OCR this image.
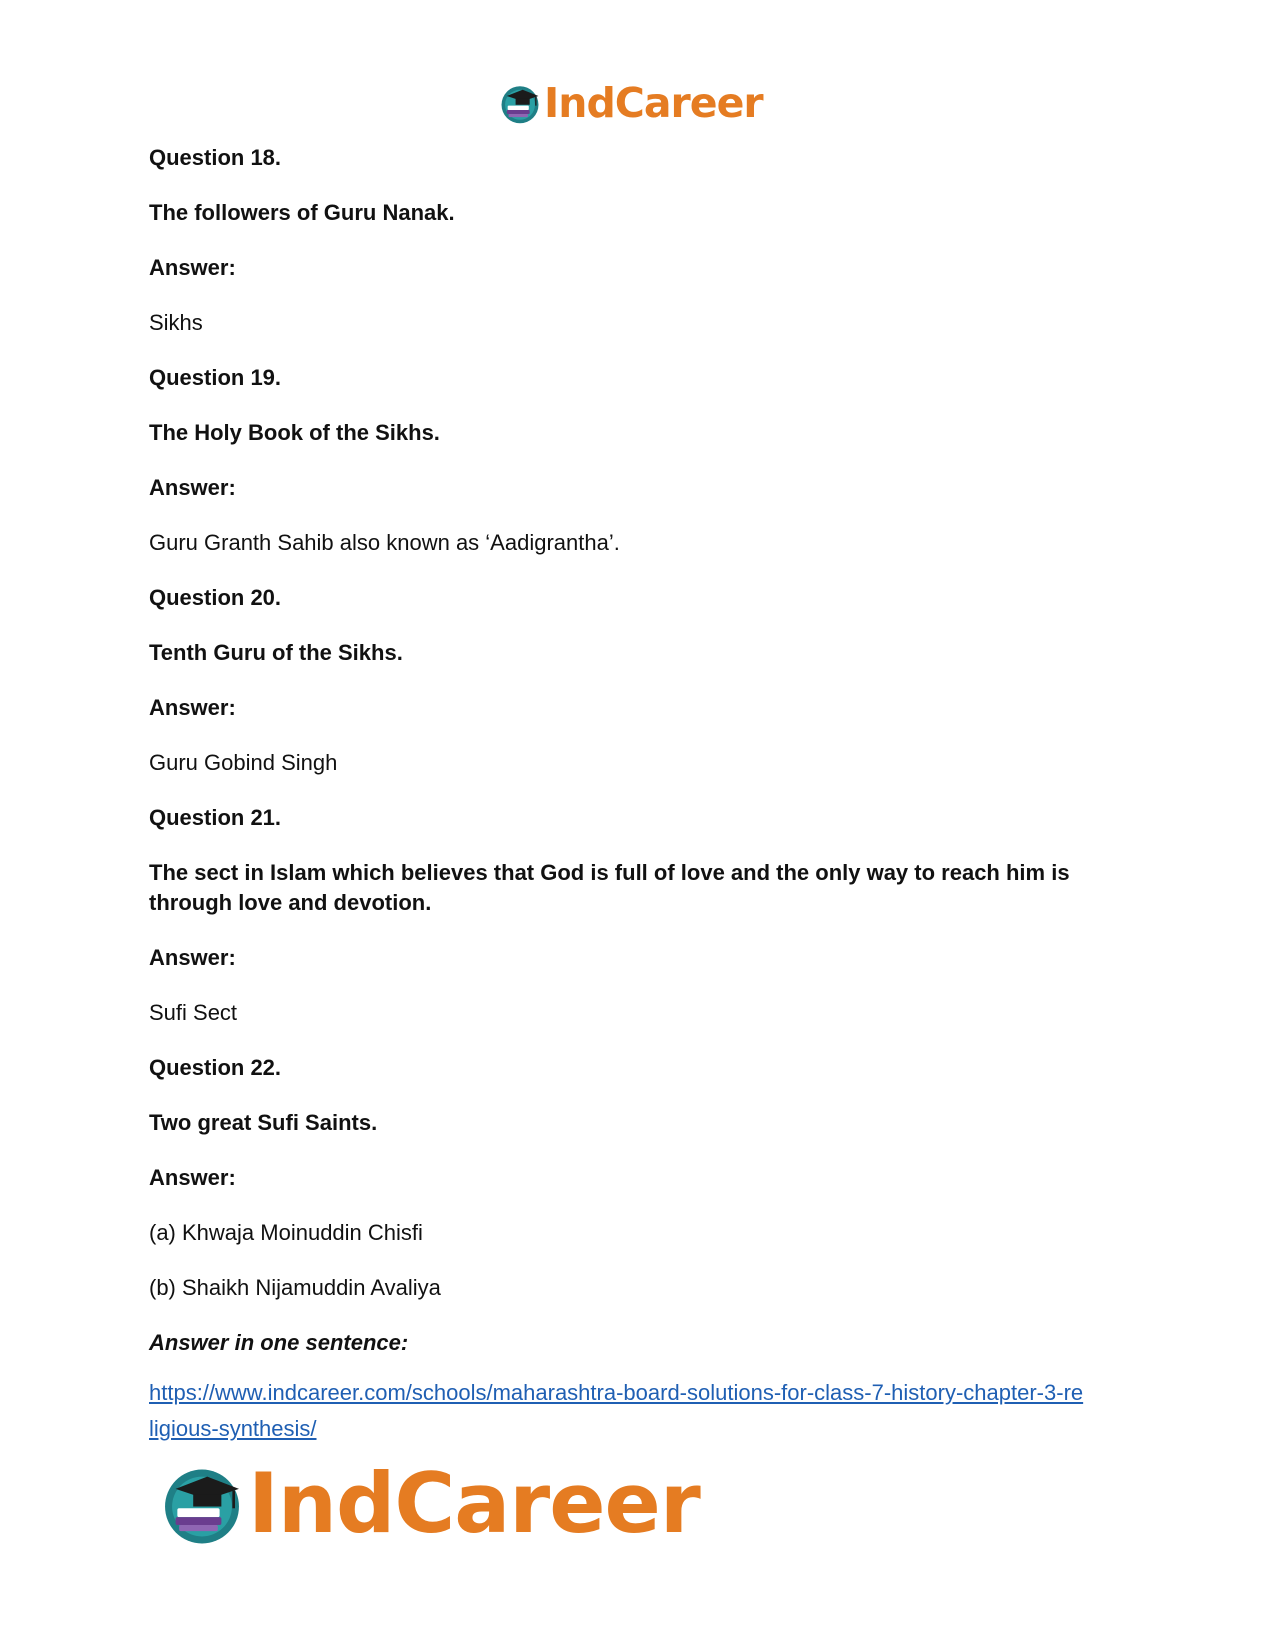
IndCareer
Question 18.
The followers of Guru Nanak.
Answer:
Sikhs
Question 19.
The Holy Book of the Sikhs.
Answer:
Guru Granth Sahib also known as ‘Aadigrantha’.
Question 20.
Tenth Guru of the Sikhs.
Answer:
Guru Gobind Singh
Question 21.
The sect in Islam which believes that God is full of love and the only way to reach him is through love and devotion.
Answer:
Sufi Sect
Question 22.
Two great Sufi Saints.
Answer:
(a) Khwaja Moinuddin Chisfi
(b) Shaikh Nijamuddin Avaliya
Answer in one sentence:
https://www.indcareer.com/schools/maharashtra-board-solutions-for-class-7-history-chapter-3-re
ligious-synthesis/
IndCareer
